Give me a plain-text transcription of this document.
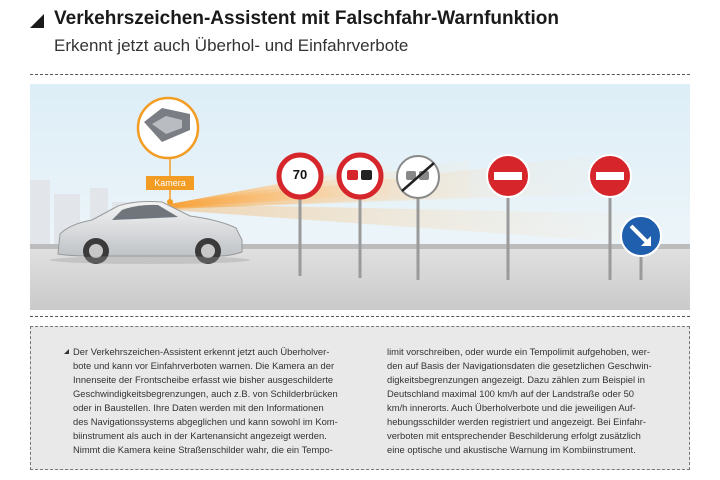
Verkehrszeichen-Assistent mit Falschfahr-Warnfunktion
Erkennt jetzt auch Überhol- und Einfahrverbote
Kamera
70
Der Verkehrszeichen-Assistent erkennt jetzt auch Überholver-
bote und kann vor Einfahrverboten warnen. Die Kamera an der
Innenseite der Frontscheibe erfasst wie bisher ausgeschilderte
Geschwindigkeitsbegrenzungen, auch z.B. von Schilderbrücken
oder in Baustellen. Ihre Daten werden mit den Informationen
des Navigationssystems abgeglichen und kann sowohl im Kom-
biinstrument als auch in der Kartenansicht angezeigt werden.
Nimmt die Kamera keine Straßenschilder wahr, die ein Tempo-
limit vorschreiben, oder wurde ein Tempolimit aufgehoben, wer-
den auf Basis der Navigationsdaten die gesetzlichen Geschwin-
digkeitsbegrenzungen angezeigt. Dazu zählen zum Beispiel in
Deutschland maximal 100 km/h auf der Landstraße oder 50
km/h innerorts. Auch Überholverbote und die jeweiligen Auf-
hebungsschilder werden registriert und angezeigt. Bei Einfahr-
verboten mit entsprechender Beschilderung erfolgt zusätzlich
eine optische und akustische Warnung im Kombiinstrument.
